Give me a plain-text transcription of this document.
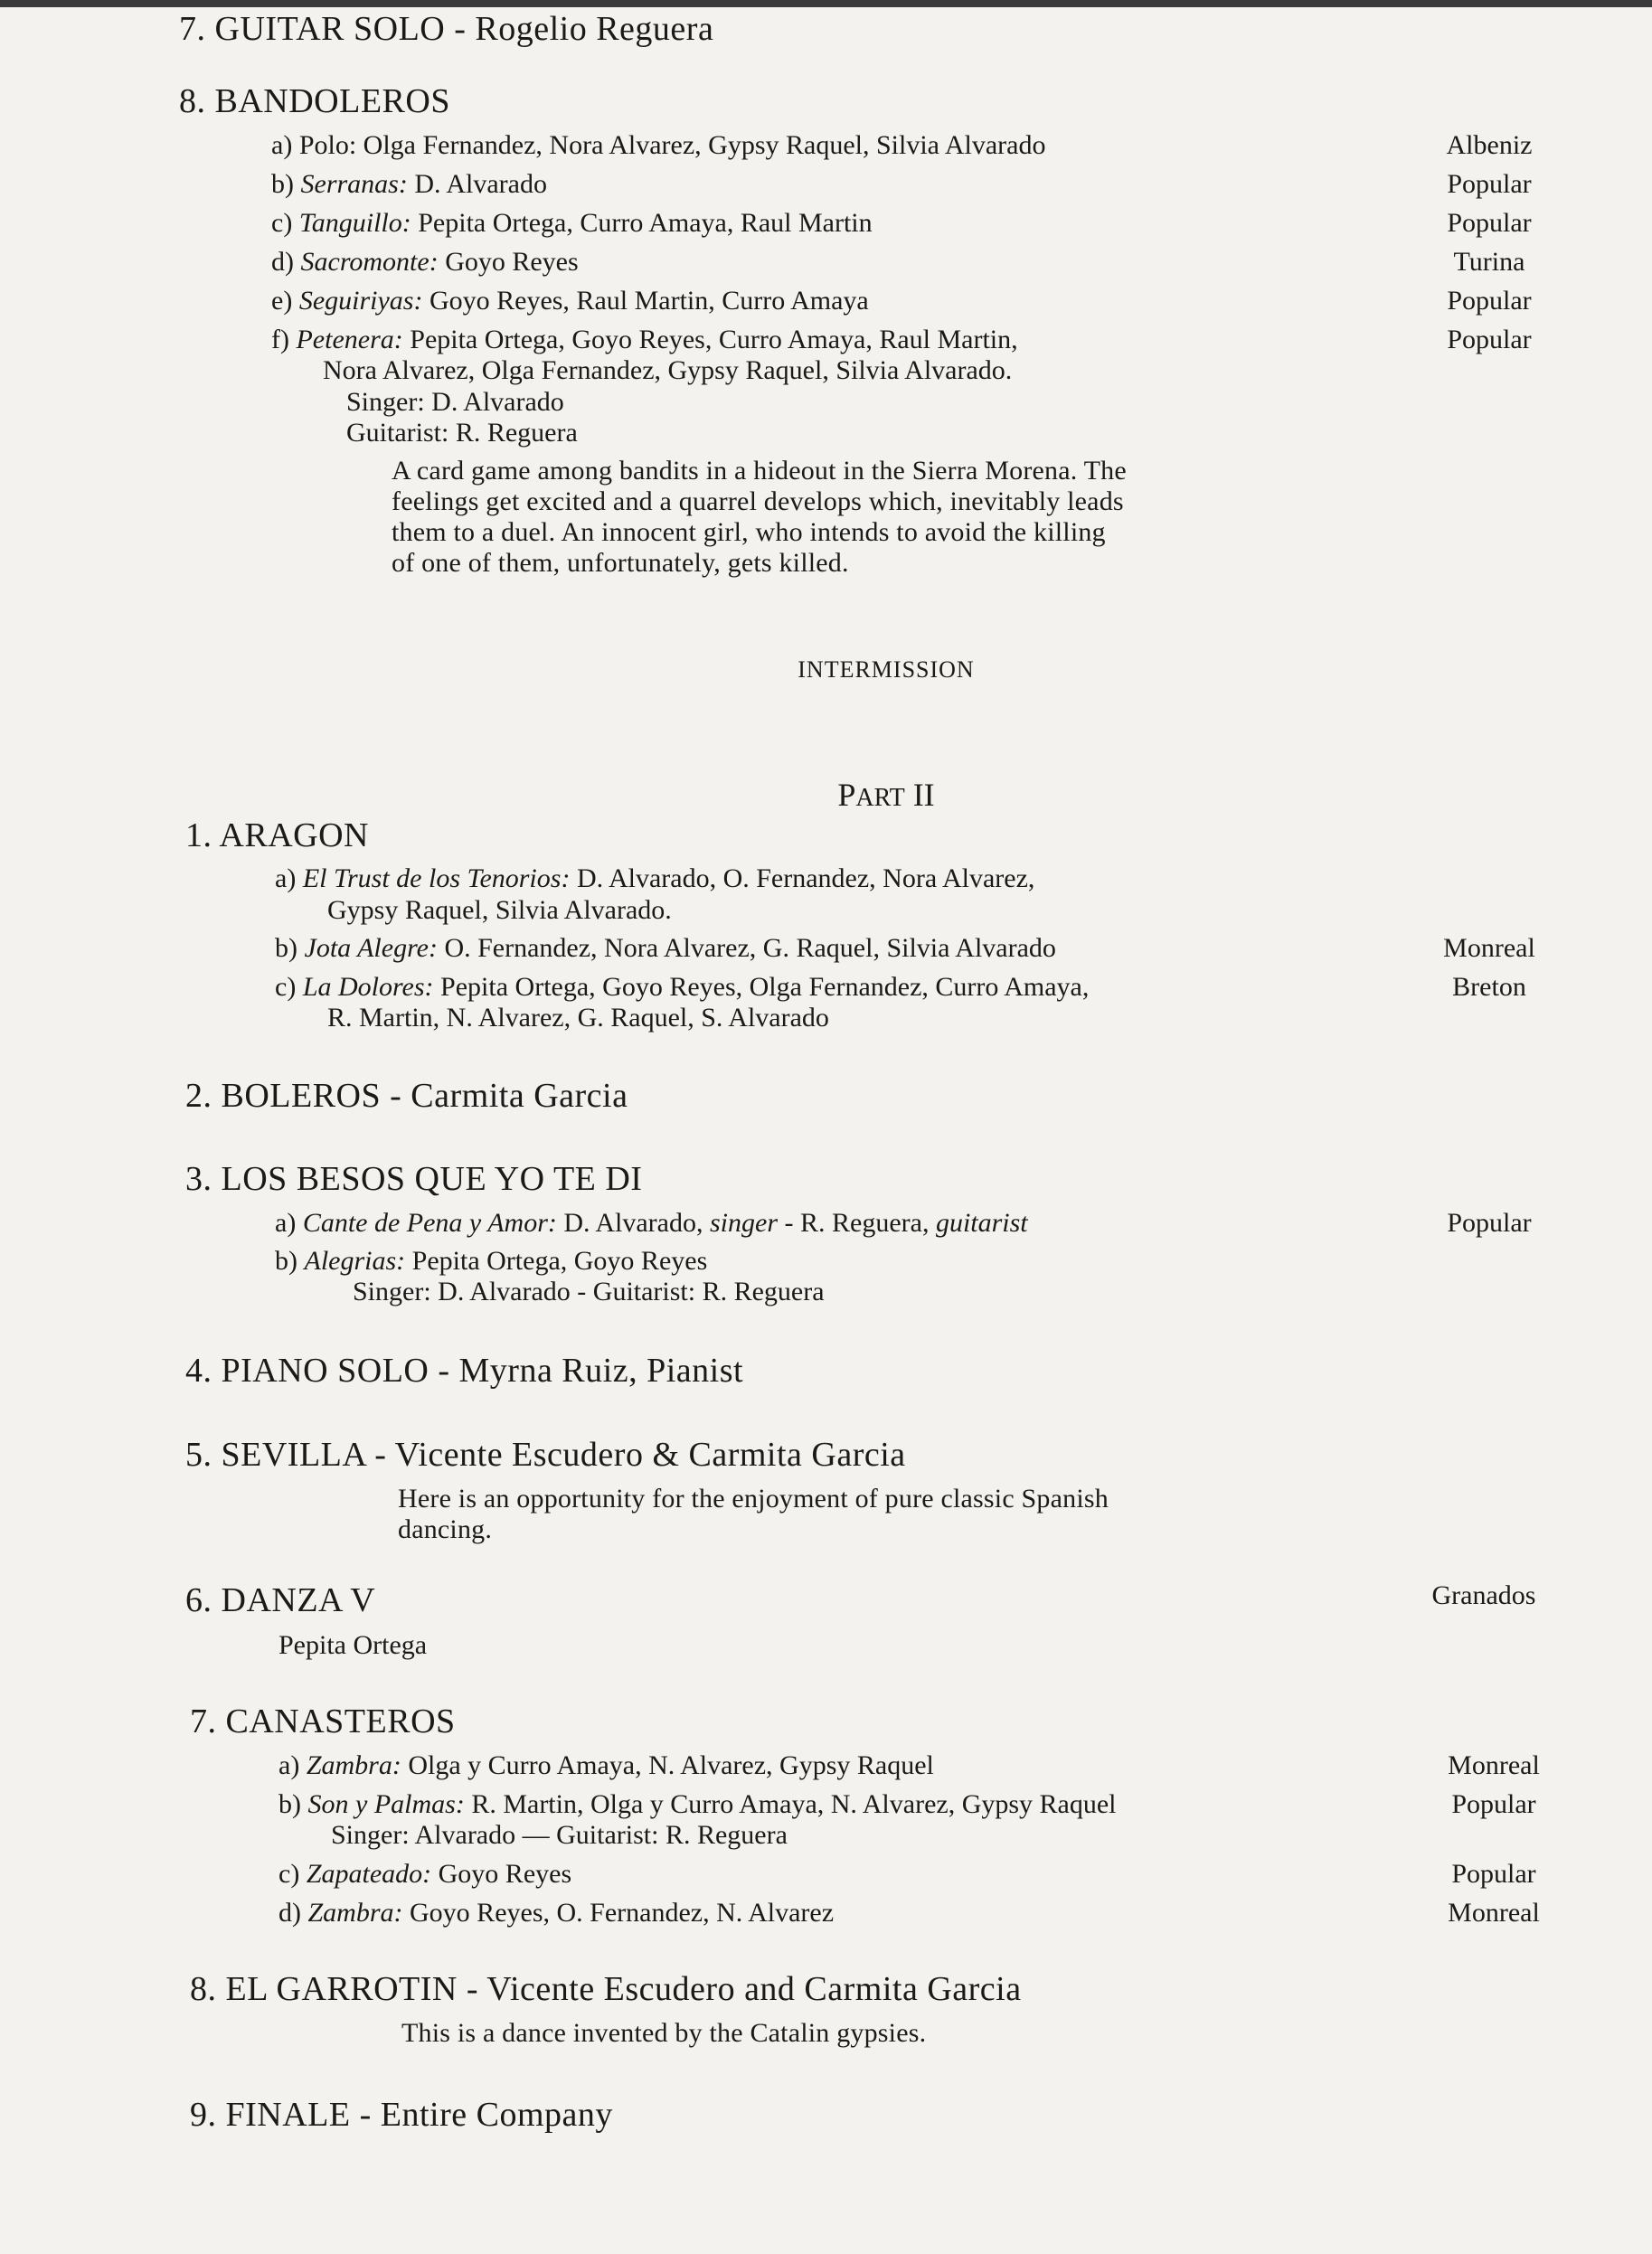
7. GUITAR SOLO - Rogelio Reguera
8. BANDOLEROS
a) Polo: Olga Fernandez, Nora Alvarez, Gypsy Raquel, Silvia Alvarado	Albeniz
b) Serranas: D. Alvarado	Popular
c) Tanguillo: Pepita Ortega, Curro Amaya, Raul Martin	Popular
d) Sacromonte: Goyo Reyes	Turina
e) Seguiriyas: Goyo Reyes, Raul Martin, Curro Amaya	Popular
f) Petenera: Pepita Ortega, Goyo Reyes, Curro Amaya, Raul Martin,	Popular
Nora Alvarez, Olga Fernandez, Gypsy Raquel, Silvia Alvarado.
Singer: D. Alvarado
Guitarist: R. Reguera
A card game among bandits in a hideout in the Sierra Morena. The
feelings get excited and a quarrel develops which, inevitably leads
them to a duel. An innocent girl, who intends to avoid the killing
of one of them, unfortunately, gets killed.
INTERMISSION
PART II
1. ARAGON
a) El Trust de los Tenorios: D. Alvarado, O. Fernandez, Nora Alvarez,
Gypsy Raquel, Silvia Alvarado.
b) Jota Alegre: O. Fernandez, Nora Alvarez, G. Raquel, Silvia Alvarado	Monreal
c) La Dolores: Pepita Ortega, Goyo Reyes, Olga Fernandez, Curro Amaya,	Breton
R. Martin, N. Alvarez, G. Raquel, S. Alvarado
2. BOLEROS - Carmita Garcia
3. LOS BESOS QUE YO TE DI
a) Cante de Pena y Amor: D. Alvarado, singer - R. Reguera, guitarist	Popular
b) Alegrias: Pepita Ortega, Goyo Reyes
Singer: D. Alvarado - Guitarist: R. Reguera
4. PIANO SOLO - Myrna Ruiz, Pianist
5. SEVILLA - Vicente Escudero & Carmita Garcia
Here is an opportunity for the enjoyment of pure classic Spanish
dancing.
6. DANZA V	Granados
Pepita Ortega
7. CANASTEROS
a) Zambra: Olga y Curro Amaya, N. Alvarez, Gypsy Raquel	Monreal
b) Son y Palmas: R. Martin, Olga y Curro Amaya, N. Alvarez, Gypsy Raquel	Popular
Singer: Alvarado — Guitarist: R. Reguera
c) Zapateado: Goyo Reyes	Popular
d) Zambra: Goyo Reyes, O. Fernandez, N. Alvarez	Monreal
8. EL GARROTIN - Vicente Escudero and Carmita Garcia
This is a dance invented by the Catalin gypsies.
9. FINALE - Entire Company
